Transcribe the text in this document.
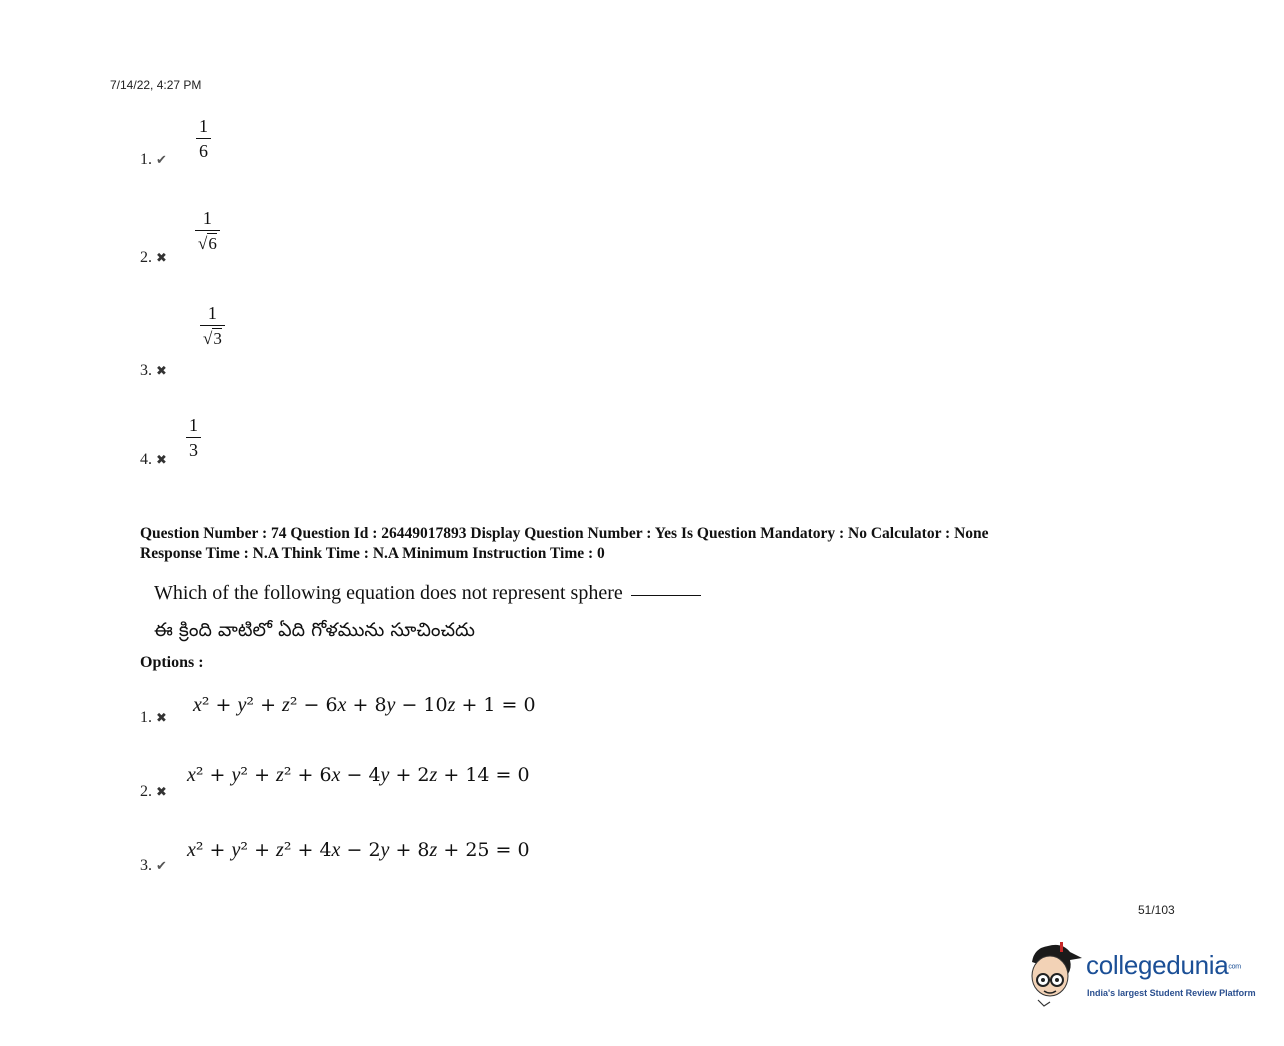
7/14/22, 4:27 PM
1. ✔ $\frac{1}{6}$
2. ✖
$\frac{1}{√6}$
3. ✖
$\frac{1}{√3}$
4. ✖
$\frac{1}{3}$
Question Number : 74 Question Id : 26449017893 Display Question Number : Yes Is Question Mandatory : No Calculator : None
Response Time : N.A Think Time : N.A Minimum Instruction Time : 0
Which of the following equation does not represent sphere
ఈ క్రింది వాటిలో ఏది గోళమును సూచించదు
Options :
1. ✖
x² + y² + z² − 6x + 8y − 10z + 1 = 0
2. ✖
x² + y² + z² + 6x − 4y + 2z + 14 = 0
3. ✔
x² + y² + z² + 4x − 2y + 8z + 25 = 0
51/103
collegeduniacom
India's largest Student Review Platform
